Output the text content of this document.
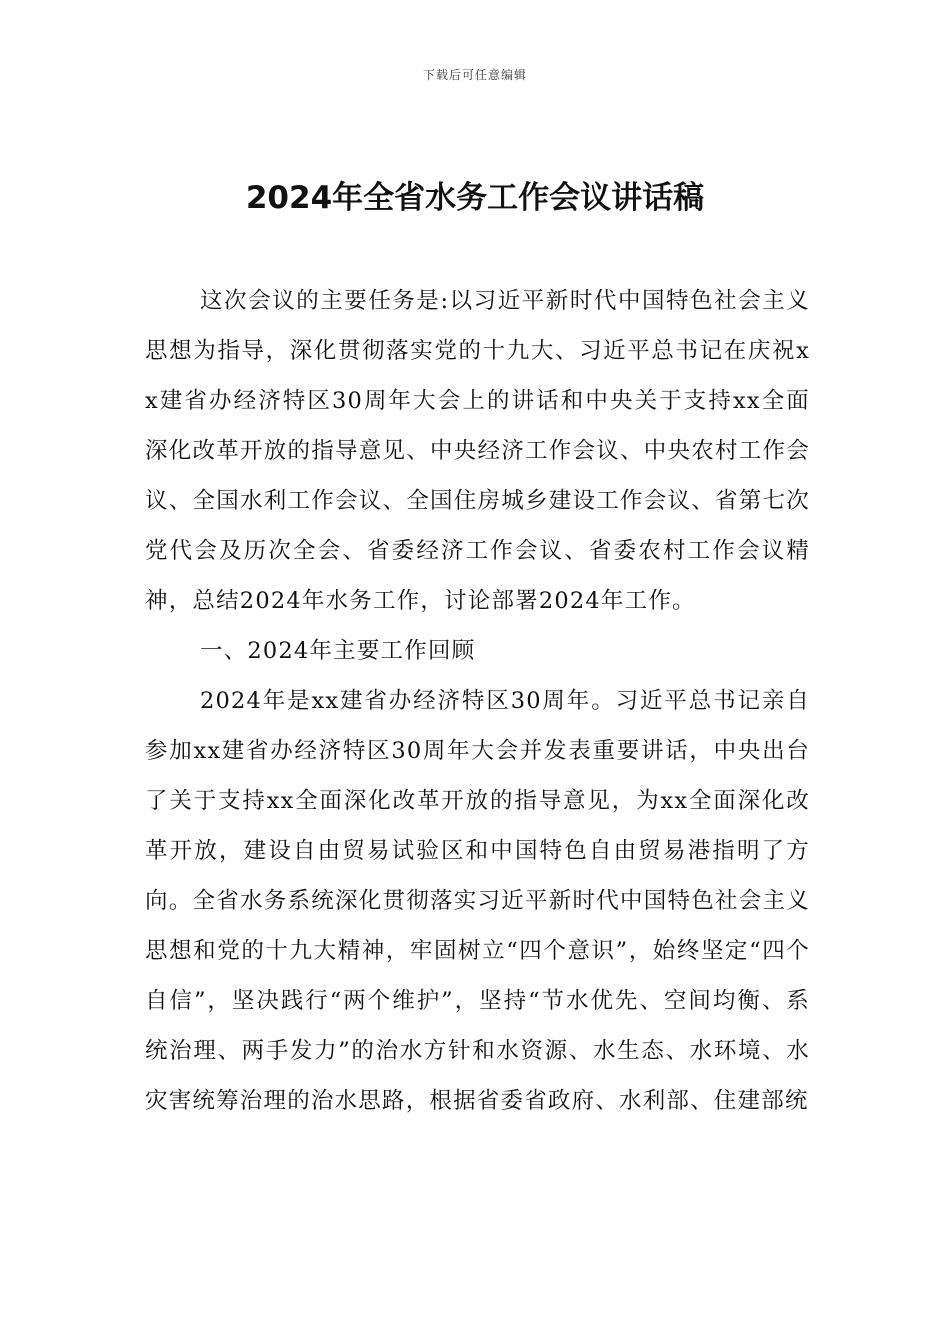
下载后可任意编辑
2024年全省水务工作会议讲话稿

这次会议的主要任务是:以习近平新时代中国特色社会主义思想为指导，深化贯彻落实党的十九大、习近平总书记在庆祝xx建省办经济特区30周年大会上的讲话和中央关于支持xx全面深化改革开放的指导意见、中央经济工作会议、中央农村工作会议、全国水利工作会议、全国住房城乡建设工作会议、省第七次党代会及历次全会、省委经济工作会议、省委农村工作会议精神，总结2024年水务工作，讨论部署2024年工作。

一、2024年主要工作回顾

2024年是xx建省办经济特区30周年。习近平总书记亲自参加xx建省办经济特区30周年大会并发表重要讲话，中央出台了关于支持xx全面深化改革开放的指导意见，为xx全面深化改革开放，建设自由贸易试验区和中国特色自由贸易港指明了方向。全省水务系统深化贯彻落实习近平新时代中国特色社会主义思想和党的十九大精神，牢固树立“四个意识”，始终坚定“四个自信”，坚决践行“两个维护”，坚持“节水优先、空间均衡、系统治理、两手发力”的治水方针和水资源、水生态、水环境、水灾害统筹治理的治水思路，根据省委省政府、水利部、住建部统
